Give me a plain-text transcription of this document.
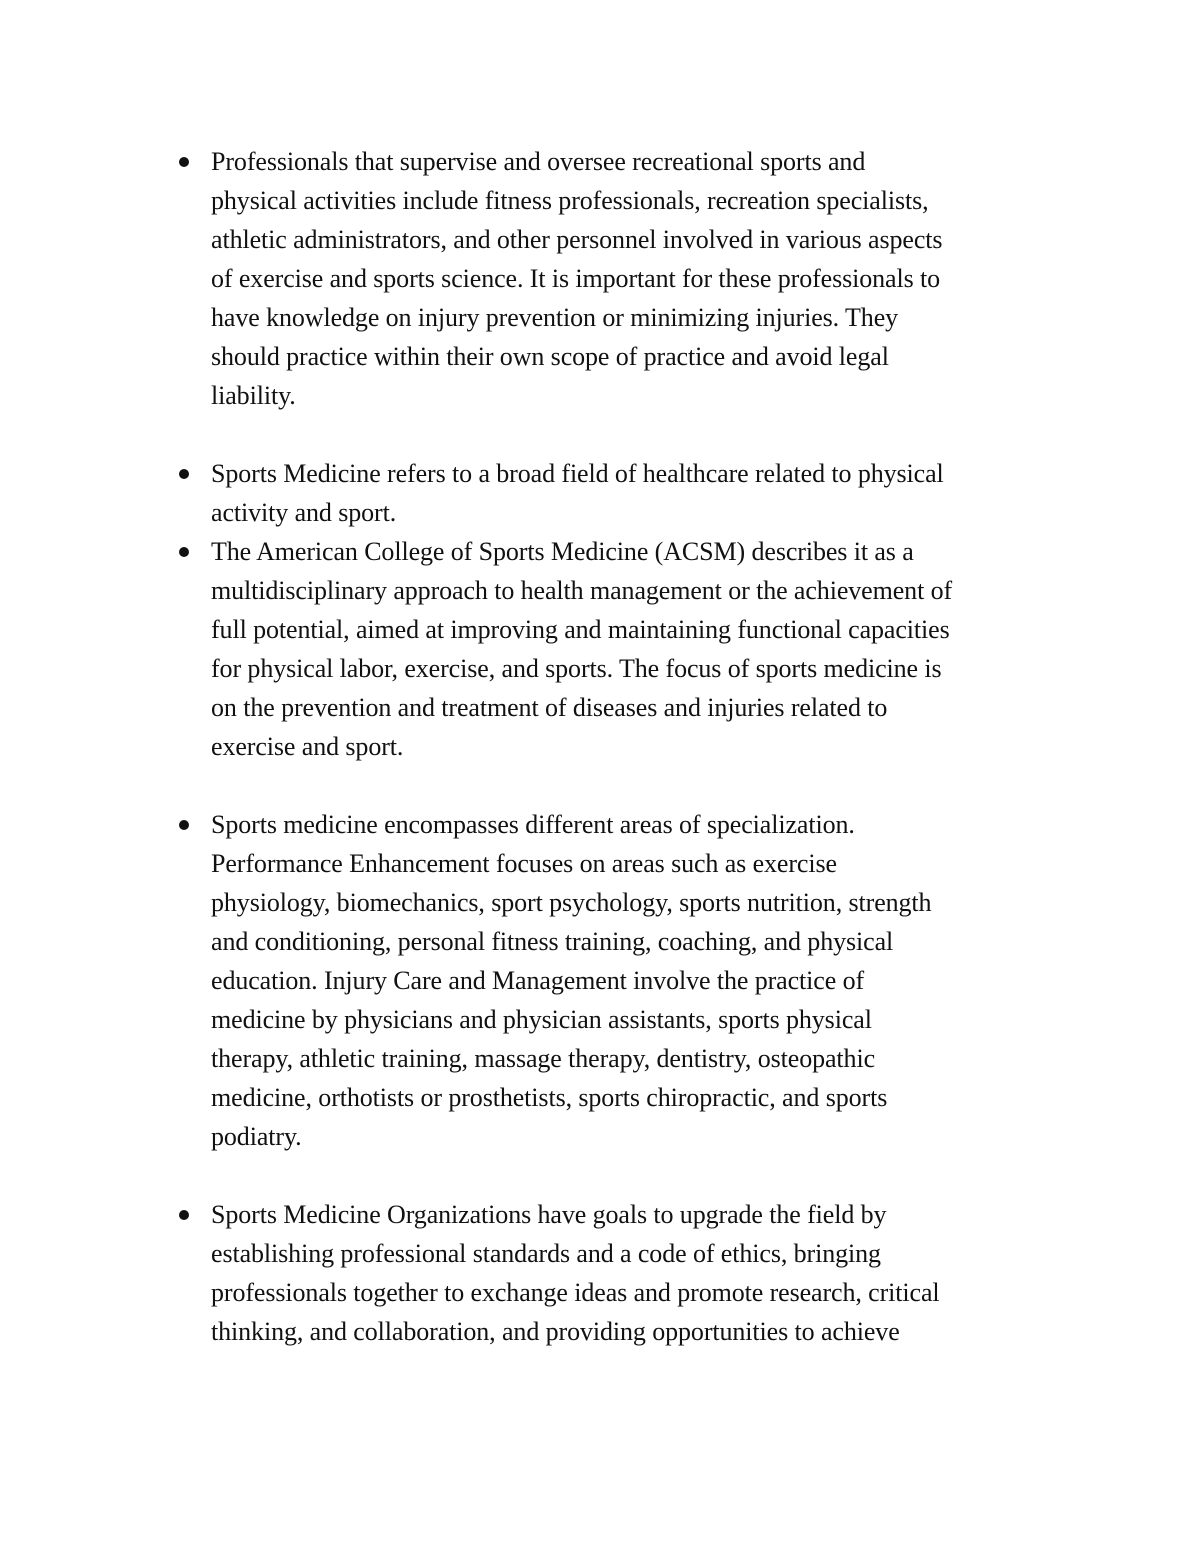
Professionals that supervise and oversee recreational sports and
physical activities include fitness professionals, recreation specialists,
athletic administrators, and other personnel involved in various aspects
of exercise and sports science. It is important for these professionals to
have knowledge on injury prevention or minimizing injuries. They
should practice within their own scope of practice and avoid legal
liability.
Sports Medicine refers to a broad field of healthcare related to physical
activity and sport.
The American College of Sports Medicine (ACSM) describes it as a
multidisciplinary approach to health management or the achievement of
full potential, aimed at improving and maintaining functional capacities
for physical labor, exercise, and sports. The focus of sports medicine is
on the prevention and treatment of diseases and injuries related to
exercise and sport.
Sports medicine encompasses different areas of specialization.
Performance Enhancement focuses on areas such as exercise
physiology, biomechanics, sport psychology, sports nutrition, strength
and conditioning, personal fitness training, coaching, and physical
education. Injury Care and Management involve the practice of
medicine by physicians and physician assistants, sports physical
therapy, athletic training, massage therapy, dentistry, osteopathic
medicine, orthotists or prosthetists, sports chiropractic, and sports
podiatry.
Sports Medicine Organizations have goals to upgrade the field by
establishing professional standards and a code of ethics, bringing
professionals together to exchange ideas and promote research, critical
thinking, and collaboration, and providing opportunities to achieve
